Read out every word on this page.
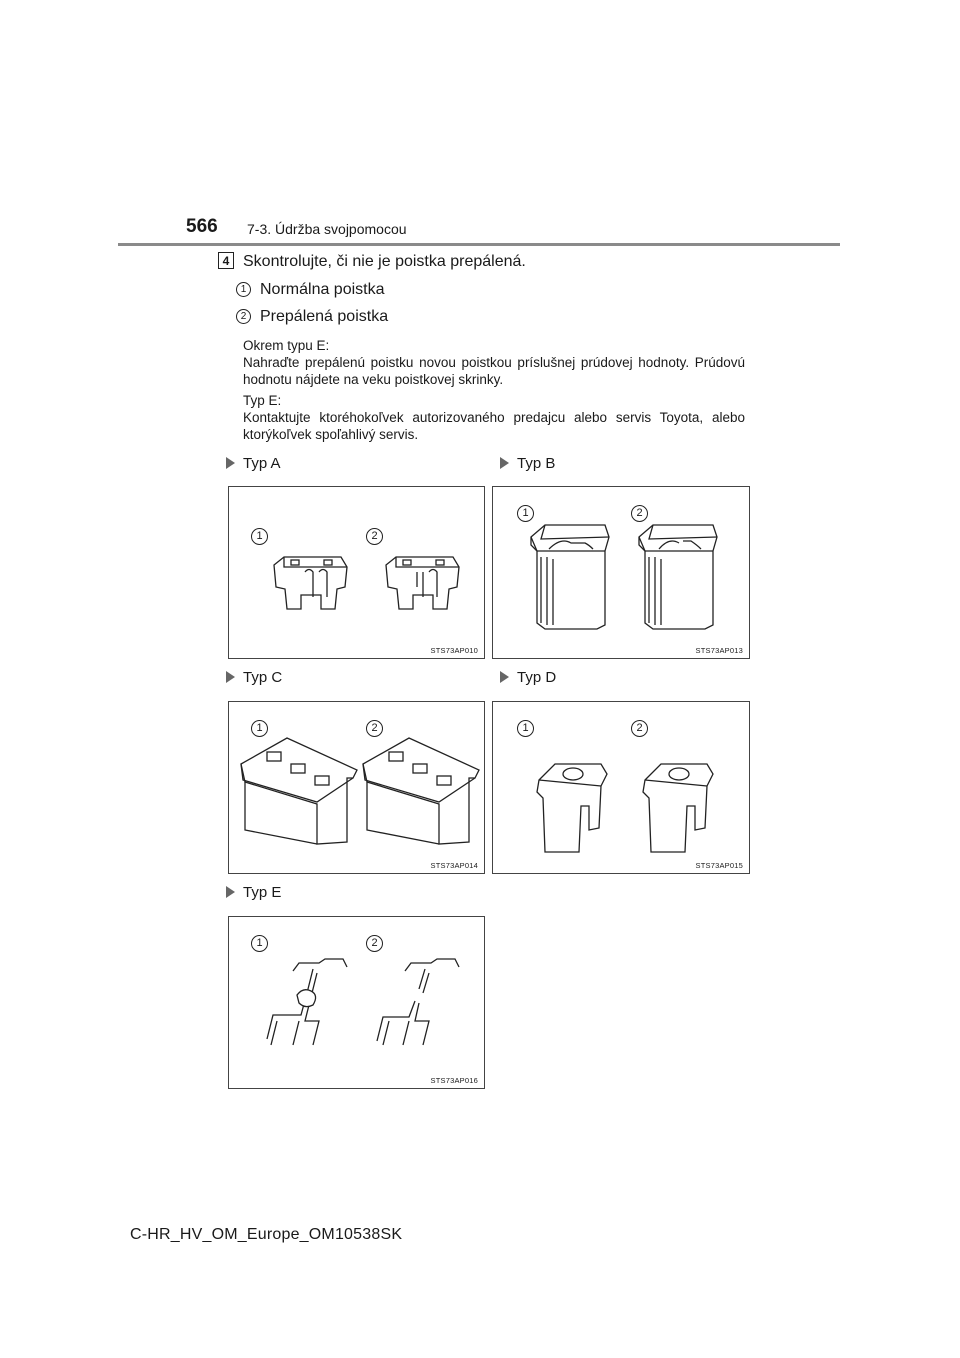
566 7-3. Údržba svojpomocou
4 Skontrolujte, či nie je poistka prepálená.
1 Normálna poistka
2 Prepálená poistka
Okrem typu E:
Nahraďte prepálenú poistku novou poistkou príslušnej prúdovej hodnoty. Prúdovú hodnotu nájdete na veku poistkovej skrinky.
Typ E:
Kontaktujte ktoréhokoľvek autorizovaného predajcu alebo servis Toyota, alebo ktorýkoľvek spoľahlivý servis.
Typ A	Typ B
Typ C	Typ D
Typ E
1	2
STS73AP010
1	2
STS73AP013
1	2
STS73AP014
1	2
STS73AP015
1	2
STS73AP016
C-HR_HV_OM_Europe_OM10538SK
